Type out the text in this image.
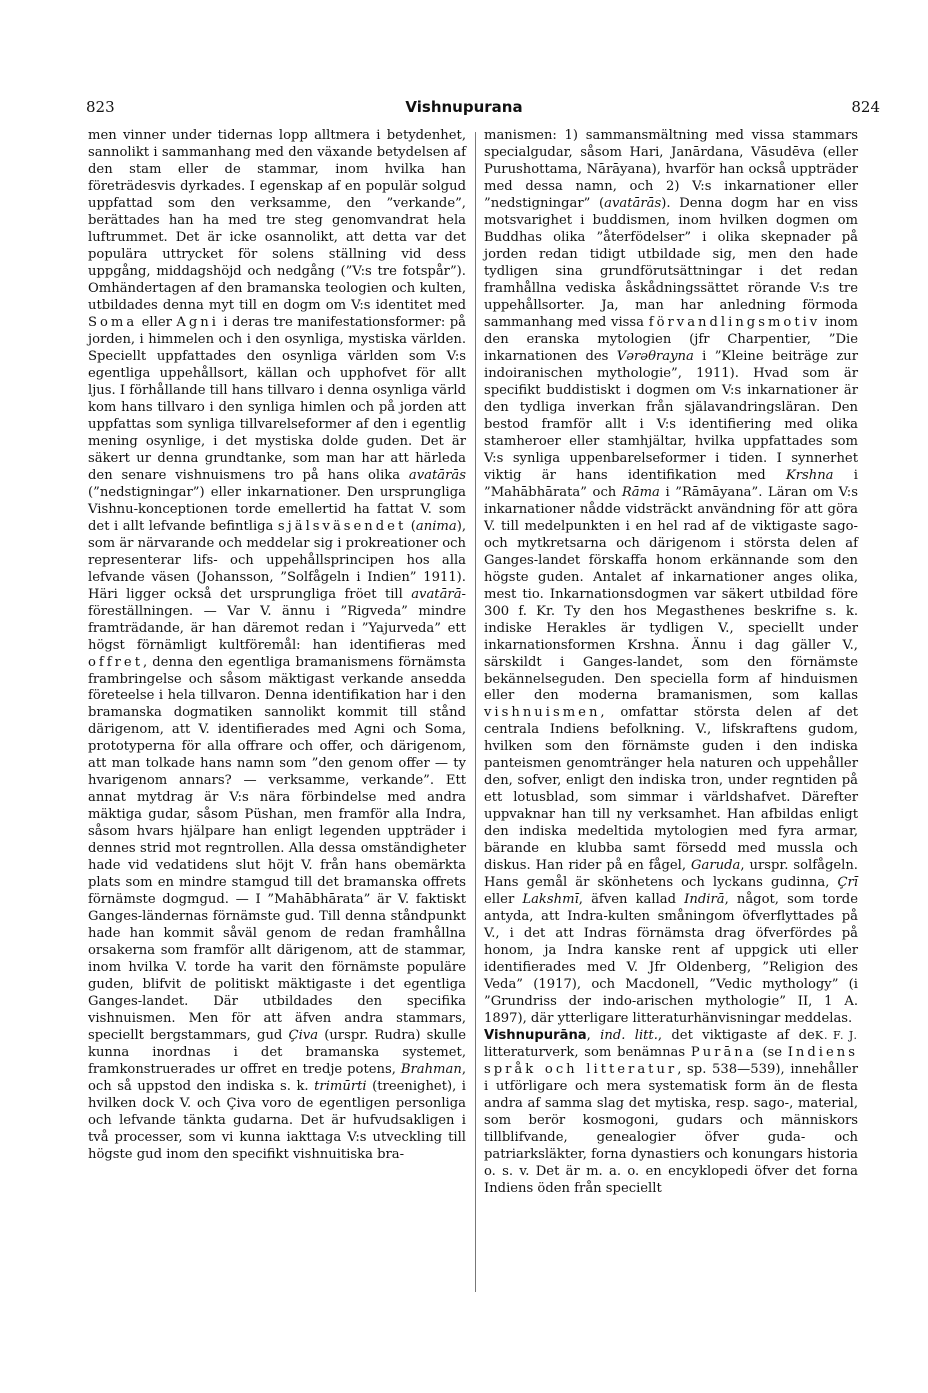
823	Vishnupurana	824

men vinner under tidernas lopp alltmera i betydenhet, sannolikt i sammanhang med den växande betydelsen af den stam eller de stammar, inom hvilka han företrädesvis dyrkades. I egenskap af en populär solgud uppfattad som den verksamme, den ”verkande”, berättades han ha med tre steg genomvandrat hela luftrummet. Det är icke osannolikt, att detta var det populära uttrycket för solens ställning vid dess uppgång, middagshöjd och nedgång (”V:s tre fotspår”). Omhändertagen af den bramanska teologien och kulten, utbildades denna myt till en dogm om V:s identitet med Soma eller Agni i deras tre manifestationsformer: på jorden, i himmelen och i den osynliga, mystiska världen. Speciellt uppfattades den osynliga världen som V:s egentliga uppehållsort, källan och upphofvet för allt ljus. I förhållande till hans tillvaro i denna osynliga värld kom hans tillvaro i den synliga himlen och på jorden att uppfattas som synliga tillvarelseformer af den i egentlig mening osynlige, i det mystiska dolde guden. Det är säkert ur denna grundtanke, som man har att härleda den senare vishnuismens tro på hans olika avatārās (”nedstigningar”) eller inkarnationer. Den ursprungliga Vishnu-konceptionen torde emellertid ha fattat V. som det i allt lefvande befintliga själsväsendet (anima), som är närvarande och meddelar sig i prokreationer och representerar lifs- och uppehållsprincipen hos alla lefvande väsen (Johansson, ”Solfågeln i Indien” 1911). Häri ligger också det ursprungliga fröet till avatārā-föreställningen. — Var V. ännu i ”Rigveda” mindre framträdande, är han däremot redan i ”Yajurveda” ett högst förnämligt kultföremål: han identifieras med offret, denna den egentliga bramanismens förnämsta frambringelse och såsom mäktigast verkande ansedda företeelse i hela tillvaron. Denna identifikation har i den bramanska dogmatiken sannolikt kommit till stånd därigenom, att V. identifierades med Agni och Soma, prototyperna för alla offrare och offer, och därigenom, att man tolkade hans namn som ”den genom offer — ty hvarigenom annars? — verksamme, verkande”. Ett annat mytdrag är V:s nära förbindelse med andra mäktiga gudar, såsom Püshan, men framför alla Indra, såsom hvars hjälpare han enligt legenden uppträder i dennes strid mot regntrollen. Alla dessa omständigheter hade vid vedatidens slut höjt V. från hans obemärkta plats som en mindre stamgud till det bramanska offrets förnämste dogmgud. — I ”Mahābhārata” är V. faktiskt Ganges-ländernas förnämste gud. Till denna ståndpunkt hade han kommit såväl genom de redan framhållna orsakerna som framför allt därigenom, att de stammar, inom hvilka V. torde ha varit den förnämste populäre guden, blifvit de politiskt mäktigaste i det egentliga Ganges-landet. Där utbildades den specifika vishnuismen. Men för att äfven andra stammars, speciellt bergstammars, gud Çiva (urspr. Rudra) skulle kunna inordnas i det bramanska systemet, framkonstruerades ur offret en tredje potens, Brahman, och så uppstod den indiska s. k. trimūrti (treenighet), i hvilken dock V. och Çiva voro de egentligen personliga och lefvande tänkta gudarna. Det är hufvudsakligen i två processer, som vi kunna iakttaga V:s utveckling till högste gud inom den specifikt vishnuitiska bra-

manismen: 1) sammansmältning med vissa stammars specialgudar, såsom Hari, Janārdana, Vāsudēva (eller Purushottama, Nārāyana), hvarför han också uppträder med dessa namn, och 2) V:s inkarnationer eller ”nedstigningar” (avatārās). Denna dogm har en viss motsvarighet i buddismen, inom hvilken dogmen om Buddhas olika ”återfödelser” i olika skepnader på jorden redan tidigt utbildade sig, men den hade tydligen sina grundförutsättningar i det redan framhållna vediska åskådningssättet rörande V:s tre uppehållsorter. Ja, man har anledning förmoda sammanhang med vissa förvandlingsmotiv inom den eranska mytologien (jfr Charpentier, ”Die inkarnationen des Vərəθrayna i ”Kleine beiträge zur indoiranischen mythologie”, 1911). Hvad som är specifikt buddistiskt i dogmen om V:s inkarnationer är den tydliga inverkan från själavandringsläran. Den bestod framför allt i V:s identifiering med olika stamheroer eller stamhjältar, hvilka uppfattades som V:s synliga uppenbarelseformer i tiden. I synnerhet viktig är hans identifikation med Krshna i ”Mahābhārata” och Rāma i ”Rāmāyana”. Läran om V:s inkarnationer nådde vidsträckt användning för att göra V. till medelpunkten i en hel rad af de viktigaste sago- och mytkretsarna och därigenom i största delen af Ganges-landet förskaffa honom erkännande som den högste guden. Antalet af inkarnationer anges olika, mest tio. Inkarnationsdogmen var säkert utbildad före 300 f. Kr. Ty den hos Megasthenes beskrifne s. k. indiske Herakles är tydligen V., speciellt under inkarnationsformen Krshna. Ännu i dag gäller V., särskildt i Ganges-landet, som den förnämste bekännelseguden. Den speciella form af hinduismen eller den moderna bramanismen, som kallas vishnuismen, omfattar största delen af det centrala Indiens befolkning. V., lifskraftens gudom, hvilken som den förnämste guden i den indiska panteismen genomtränger hela naturen och uppehåller den, sofver, enligt den indiska tron, under regntiden på ett lotusblad, som simmar i världshafvet. Därefter uppvaknar han till ny verksamhet. Han afbildas enligt den indiska medeltida mytologien med fyra armar, bärande en klubba samt försedd med mussla och diskus. Han rider på en fågel, Garuda, urspr. solfågeln. Hans gemål är skönhetens och lyckans gudinna, Çrī eller Lakshmī, äfven kallad Indirā, något, som torde antyda, att Indra-kulten småningom öfverflyttades på V., i det att Indras förnämsta drag öfverfördes på honom, ja Indra kanske rent af uppgick uti eller identifierades med V. Jfr Oldenberg, ”Religion des Veda” (1917), och Macdonell, ”Vedic mythology” (i ”Grundriss der indo-arischen mythologie” II, 1 A. 1897), där ytterligare litteraturhänvisningar meddelas.
K. F. J.

Vishnupurāna, ind. litt., det viktigaste af de litteraturverk, som benämnas Purāna (se Indiens språk och litteratur, sp. 538—539), innehåller i utförligare och mera systematisk form än de flesta andra af samma slag det mytiska, resp. sago-, material, som berör kosmogoni, gudars och människors tillblifvande, genealogier öfver guda- och patriarksläkter, forna dynastiers och konungars historia o. s. v. Det är m. a. o. en encyklopedi öfver det forna Indiens öden från speciellt
